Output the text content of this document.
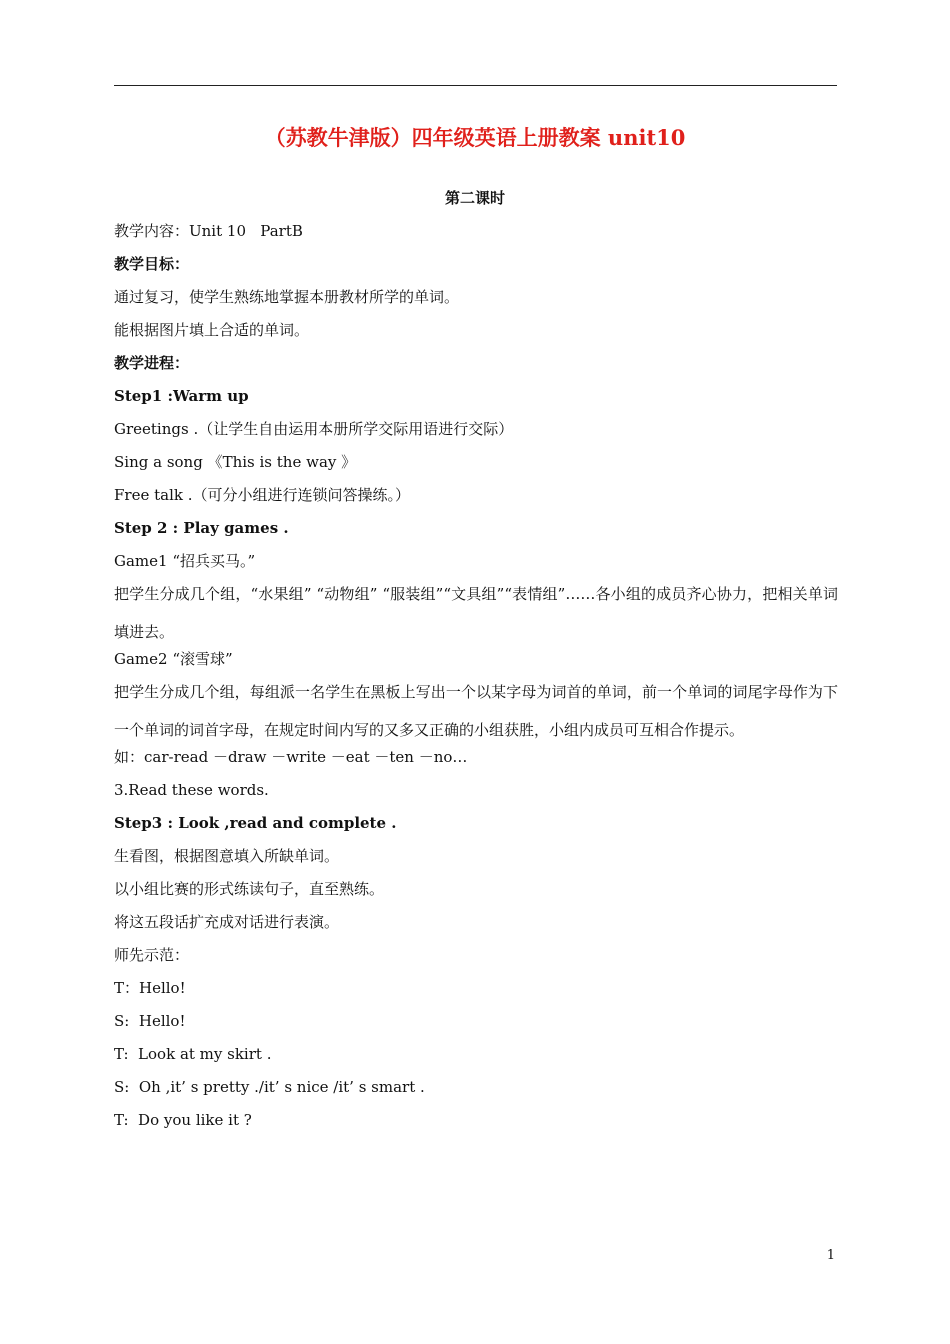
（苏教牛津版）四年级英语上册教案 unit10
第二课时

教学内容：Unit 10   PartB

教学目标：

通过复习，使学生熟练地掌握本册教材所学的单词。

能根据图片填上合适的单词。

教学进程：

Step1 :Warm up

Greetings .（让学生自由运用本册所学交际用语进行交际）

Sing a song 《This is the way 》

Free talk .（可分小组进行连锁问答操练。）

Step 2 : Play games .

Game1 “招兵买马。”

把学生分成几个组，“水果组” “动物组” “服装组”“文具组”“表情组”……各小组的成员齐心协力，把相关单词填进去。

Game2 “滚雪球”

把学生分成几个组，每组派一名学生在黑板上写出一个以某字母为词首的单词，前一个单词的词尾字母作为下一个单词的词首字母，在规定时间内写的又多又正确的小组获胜，小组内成员可互相合作提示。

如：car-read －draw －write －eat －ten －no…

3.Read these words.

Step3 : Look ,read and complete .

生看图，根据图意填入所缺单词。

以小组比赛的形式练读句子，直至熟练。

将这五段话扩充成对话进行表演。

师先示范：

T：Hello!

S:  Hello!

T:  Look at my skirt .

S:  Oh ,it’ s pretty ./it’ s nice /it’ s smart .

T:  Do you like it ?

1
